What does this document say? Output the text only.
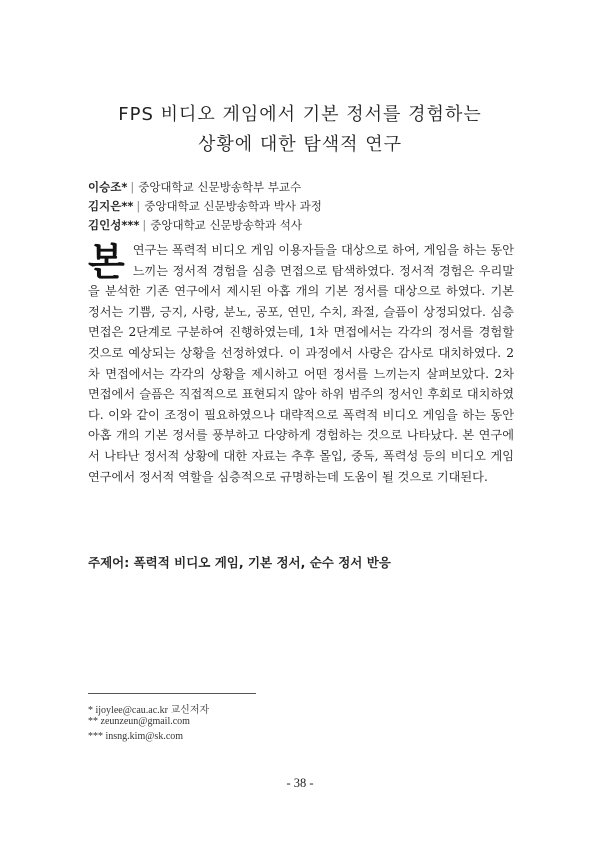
FPS 비디오 게임에서 기본 정서를 경험하는
상황에 대한 탐색적 연구
이승조* | 중앙대학교 신문방송학부 부교수
김지은** | 중앙대학교 신문방송학과 박사 과정
김인성*** | 중앙대학교 신문방송학과 석사
본연구는 폭력적 비디오 게임 이용자들을 대상으로 하여, 게임을 하는 동안 느끼는 정서적 경험을 심층 면접으로 탐색하였다. 정서적 경험은 우리말을 분석한 기존 연구에서 제시된 아홉 개의 기본 정서를 대상으로 하였다. 기본 정서는 기쁨, 긍지, 사랑, 분노, 공포, 연민, 수치, 좌절, 슬픔이 상정되었다. 심층 면접은 2단계로 구분하여 진행하였는데, 1차 면접에서는 각각의 정서를 경험할 것으로 예상되는 상황을 선정하였다. 이 과정에서 사랑은 감사로 대치하였다. 2차 면접에서는 각각의 상황을 제시하고 어떤 정서를 느끼는지 살펴보았다. 2차 면접에서 슬픔은 직접적으로 표현되지 않아 하위 범주의 정서인 후회로 대치하였다. 이와 같이 조정이 필요하였으나 대략적으로 폭력적 비디오 게임을 하는 동안 아홉 개의 기본 정서를 풍부하고 다양하게 경험하는 것으로 나타났다. 본 연구에서 나타난 정서적 상황에 대한 자료는 추후 몰입, 중독, 폭력성 등의 비디오 게임 연구에서 정서적 역할을 심층적으로 규명하는데 도움이 될 것으로 기대된다.
주제어: 폭력적 비디오 게임, 기본 정서, 순수 정서 반응
* ijoylee@cau.ac.kr 교신저자
** zeunzeun@gmail.com
*** insng.kim@sk.com
- 38 -
